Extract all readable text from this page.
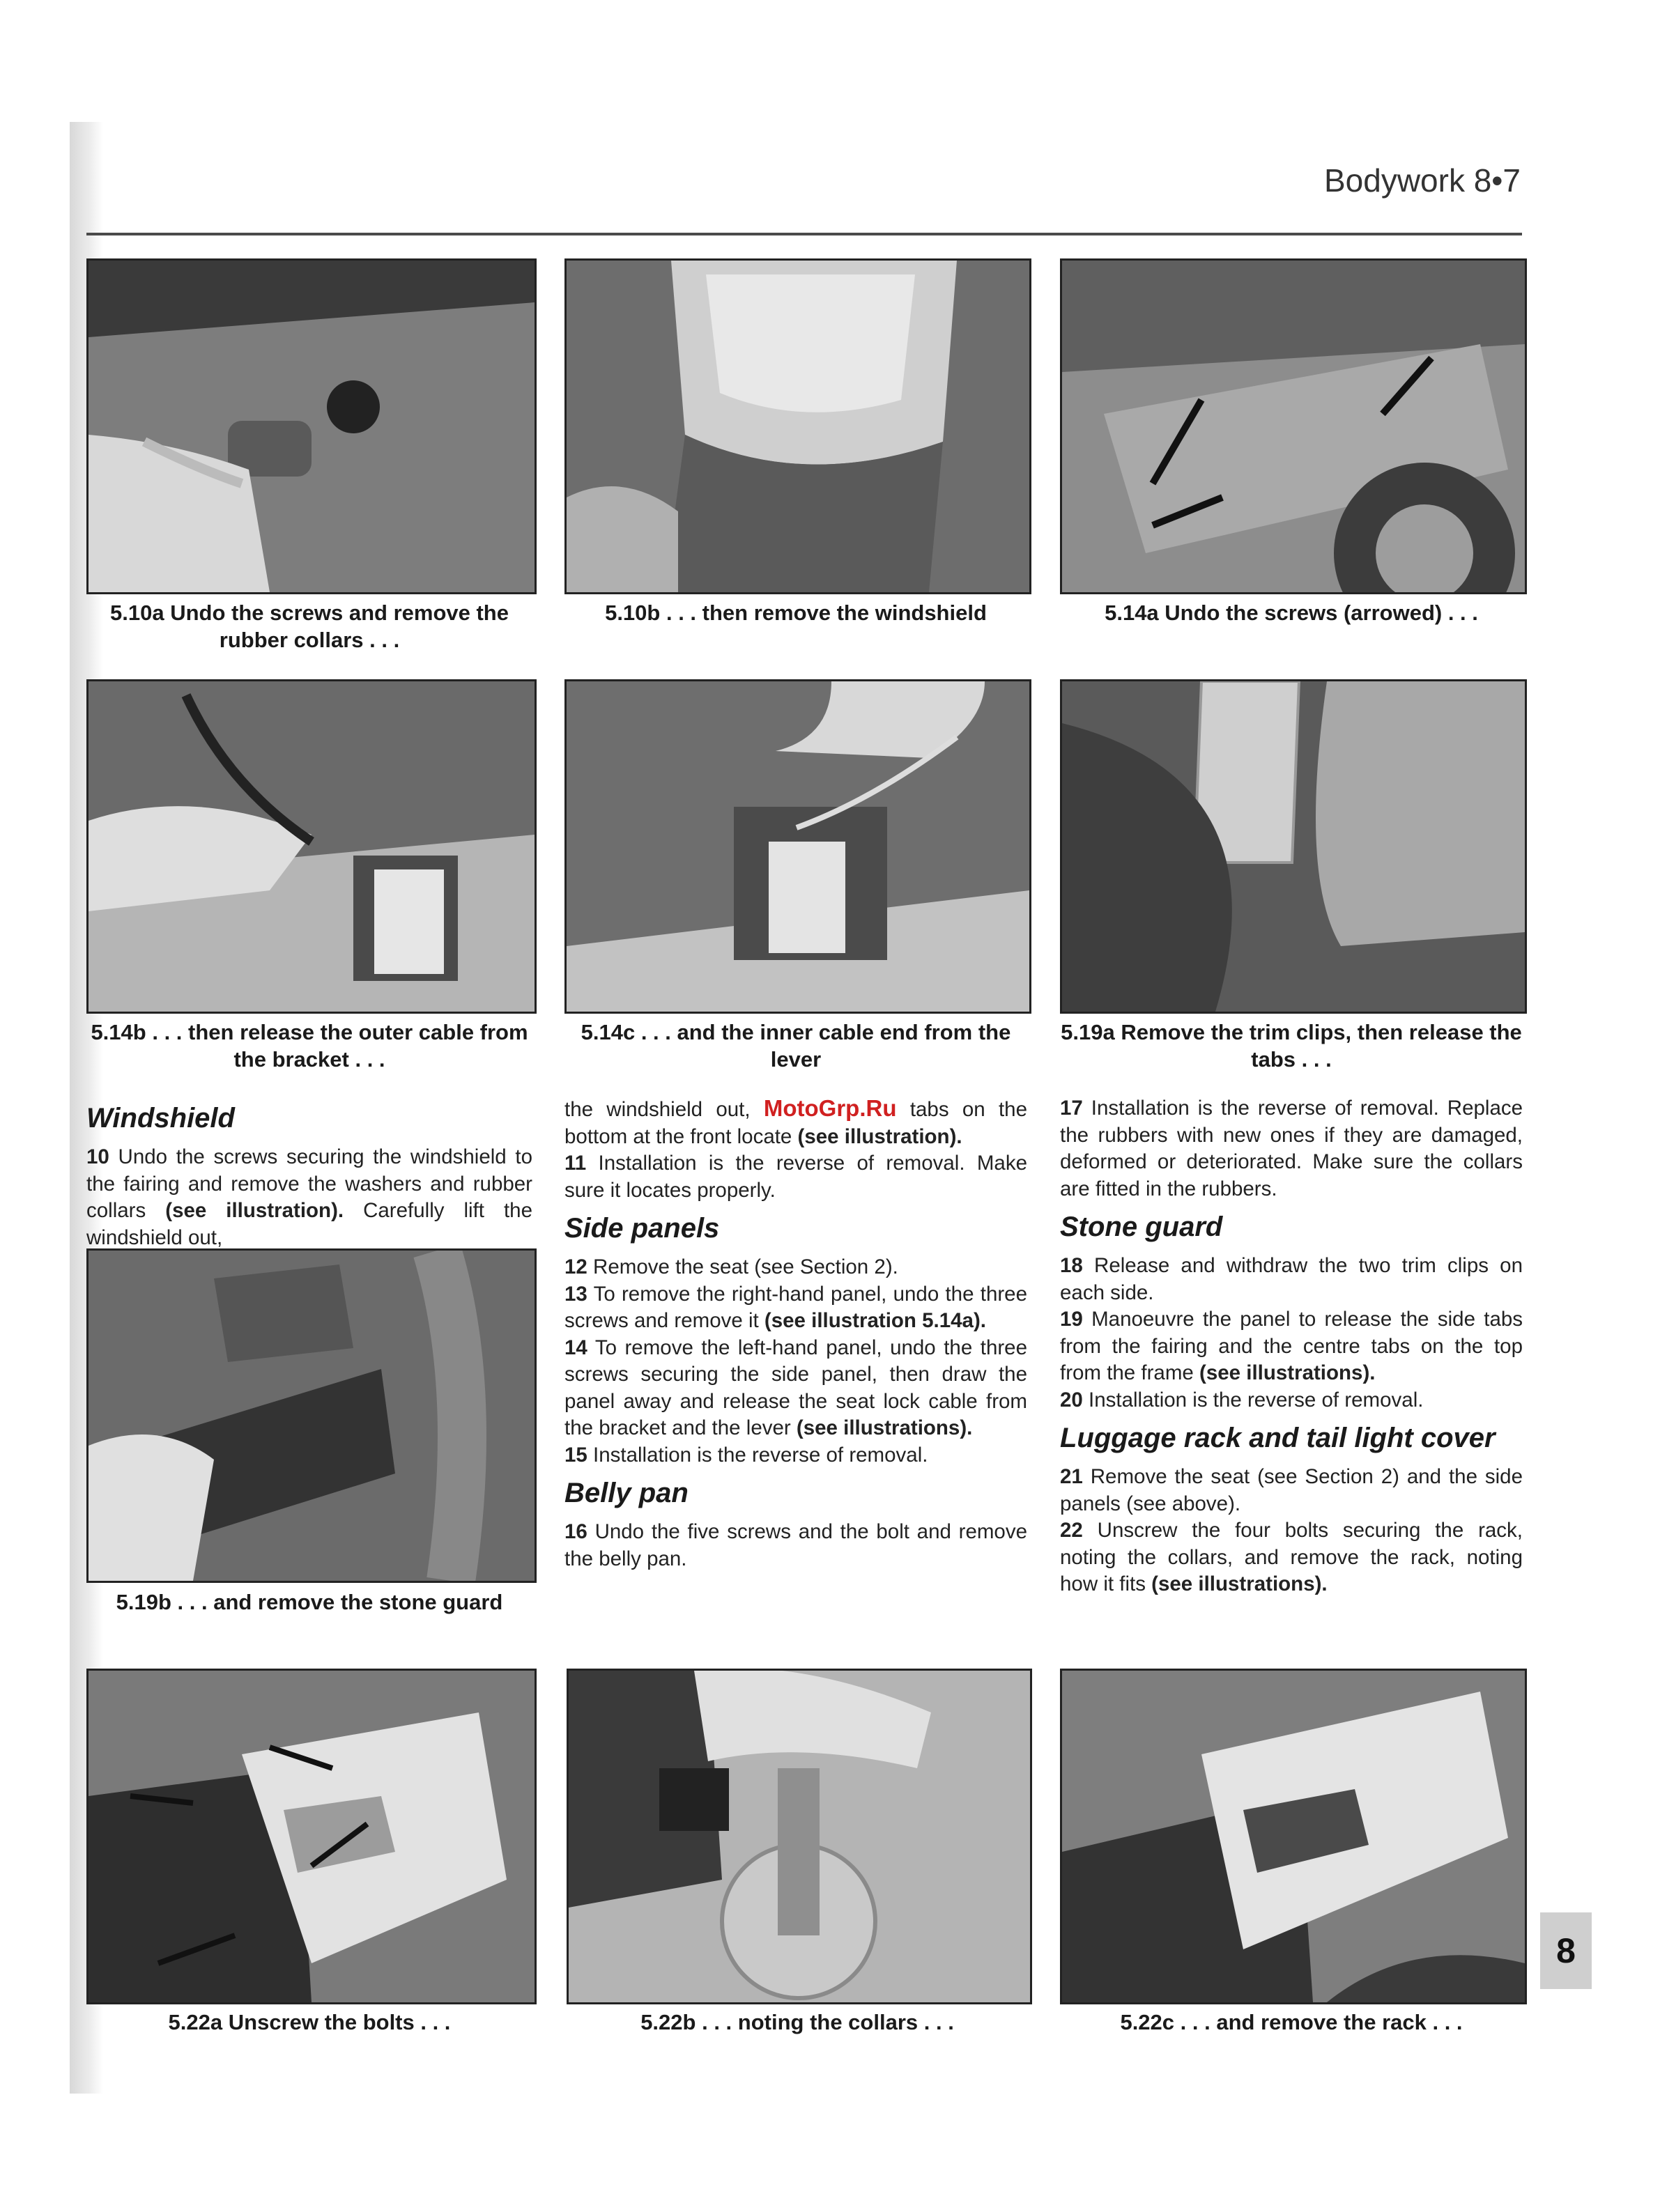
Bodywork 8•7
5.10a Undo the screws and remove the rubber collars . . .
5.10b . . . then remove the windshield	5.14a Undo the screws (arrowed) . . .
5.14b . . . then release the outer cable from the bracket . . .
5.14c . . . and the inner cable end from the lever
5.19a Remove the trim clips, then release the tabs . . .
Windshield

10 Undo the screws securing the windshield to the fairing and remove the washers and rubber collars (see illustration). Carefully lift the windshield out,

5.19b . . . and remove the stone guard

the windshield out, MotoGrp.Ru tabs on the bottom at the front locate (see illustration).

11 Installation is the reverse of removal. Make sure it locates properly.

Side panels

12 Remove the seat (see Section 2).

13 To remove the right-hand panel, undo the three screws and remove it (see illustration 5.14a).

14 To remove the left-hand panel, undo the three screws securing the side panel, then draw the panel away and release the seat lock cable from the bracket and the lever (see illustrations).

15 Installation is the reverse of removal.

Belly pan

16 Undo the five screws and the bolt and remove the belly pan.

17 Installation is the reverse of removal. Replace the rubbers with new ones if they are damaged, deformed or deteriorated. Make sure the collars are fitted in the rubbers.

Stone guard

18 Release and withdraw the two trim clips on each side.

19 Manoeuvre the panel to release the side tabs from the fairing and the centre tabs on the top from the frame (see illustrations).

20 Installation is the reverse of removal.

Luggage rack and tail light cover

21 Remove the seat (see Section 2) and the side panels (see above).

22 Unscrew the four bolts securing the rack, noting the collars, and remove the rack, noting how it fits (see illustrations).

5.22a Unscrew the bolts . . .	5.22b . . . noting the collars . . .	5.22c . . . and remove the rack . . .
8
